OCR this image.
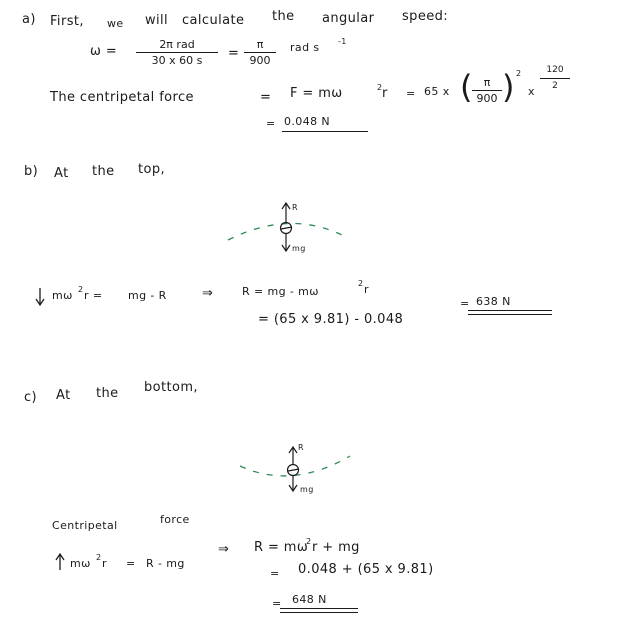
a) First, we will calculate the angular speed:
ω =	2π rad
30 x 60 s	=
π
900
rad s -1
The centripetal force	= F = mω	2 r = 65 x ( π
900 ) 2
x
120
2
= 0.048 N
b) At the top,
R
mg
mω 2 r = mg - R	⇒	R = mg - mω
2 r
= (65 x 9.81) - 0.048
= 638 N
c) At the bottom,
R
mg
Centripetal	force
mω 2 r = R - mg
⇒ R = mω
2 r + mg
= 0.048 + (65 x 9.81)
= 648 N
